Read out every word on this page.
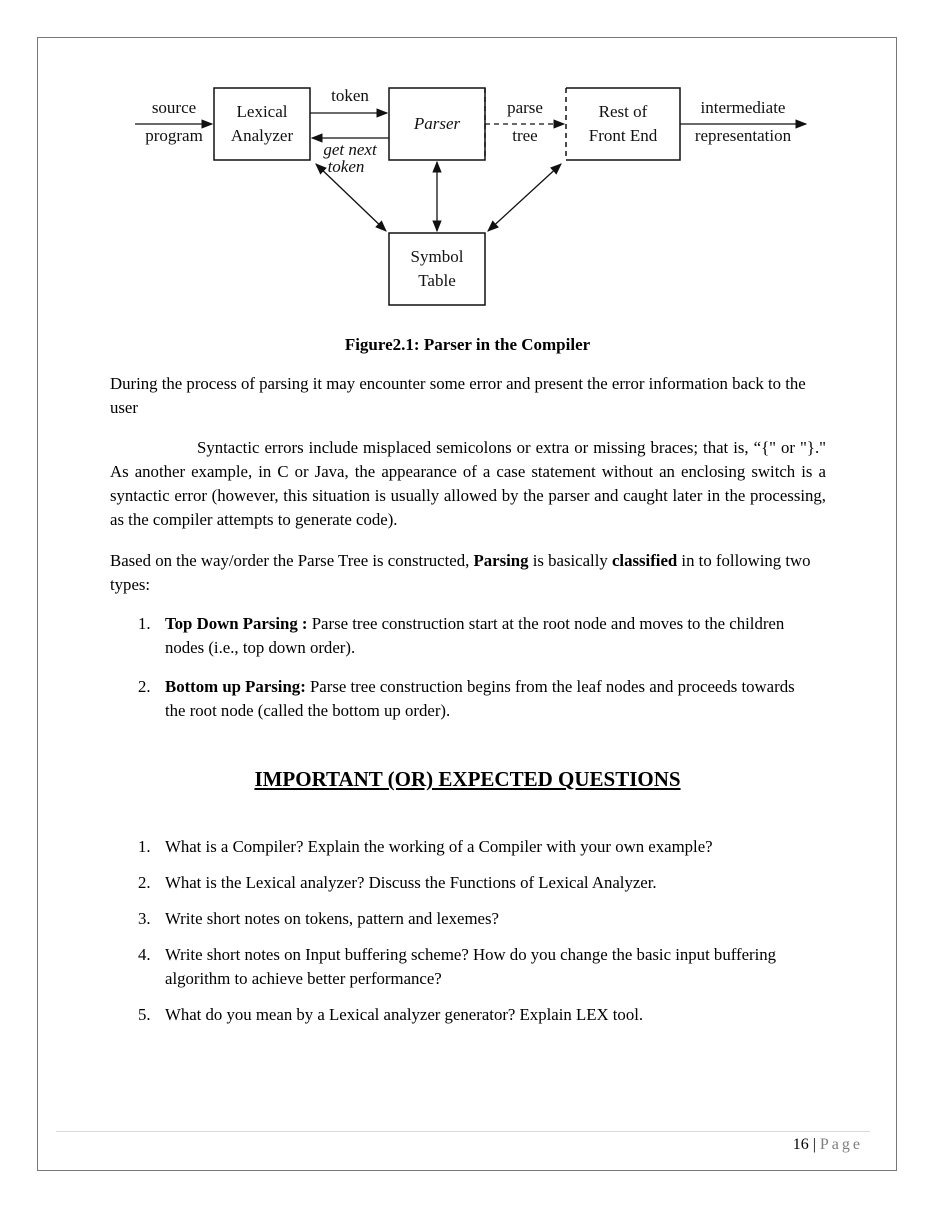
Lexical
Analyzer
Parser
Rest of
Front End
Symbol
Table
source
program
token
get next
token
parse
tree
intermediate
representation
Figure2.1: Parser in the Compiler
During the process of parsing it may encounter some error and present the error information back to the user
Syntactic errors include misplaced semicolons or extra or missing braces; that is, “{" or "}." As another example, in C or Java, the appearance of a case statement without an enclosing switch is a syntactic error (however, this situation is usually allowed by the parser and caught later in the processing, as the compiler attempts to generate code).
Based on the way/order the Parse Tree is constructed, Parsing is basically classified in to following two types:
1. Top Down Parsing : Parse tree construction start at the root node and moves to the children nodes (i.e., top down order).
2. Bottom up Parsing: Parse tree construction begins from the leaf nodes and proceeds towards the root node (called the bottom up order).
IMPORTANT (OR) EXPECTED QUESTIONS
1. What is a Compiler? Explain the working of a Compiler with your own example?
2. What is the Lexical analyzer? Discuss the Functions of Lexical Analyzer.
3. Write short notes on tokens, pattern and lexemes?
4. Write short notes on Input buffering scheme? How do you change the basic input buffering algorithm to achieve better performance?
5. What do you mean by a Lexical analyzer generator? Explain LEX tool.
16 | Page
